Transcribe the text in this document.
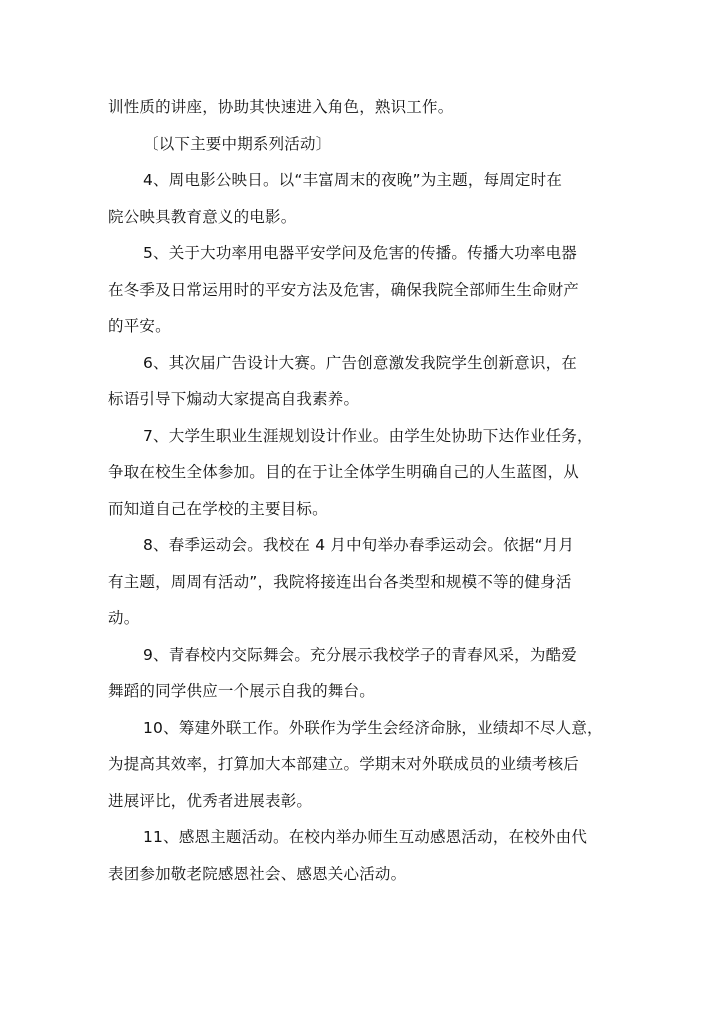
训性质的讲座，协助其快速进入角色，熟识工作。

〔以下主要中期系列活动〕

4、周电影公映日。以“丰富周末的夜晚”为主题，每周定时在
院公映具教育意义的电影。

5、关于大功率用电器平安学问及危害的传播。传播大功率电器
在冬季及日常运用时的平安方法及危害，确保我院全部师生生命财产
的平安。

6、其次届广告设计大赛。广告创意激发我院学生创新意识，在
标语引导下煽动大家提高自我素养。

7、大学生职业生涯规划设计作业。由学生处协助下达作业任务，
争取在校生全体参加。目的在于让全体学生明确自己的人生蓝图，从
而知道自己在学校的主要目标。

8、春季运动会。我校在 4 月中旬举办春季运动会。依据“月月
有主题，周周有活动”，我院将接连出台各类型和规模不等的健身活
动。

9、青春校内交际舞会。充分展示我校学子的青春风采，为酷爱
舞蹈的同学供应一个展示自我的舞台。

10、筹建外联工作。外联作为学生会经济命脉，业绩却不尽人意，
为提高其效率，打算加大本部建立。学期末对外联成员的业绩考核后
进展评比，优秀者进展表彰。

11、感恩主题活动。在校内举办师生互动感恩活动，在校外由代
表团参加敬老院感恩社会、感恩关心活动。
